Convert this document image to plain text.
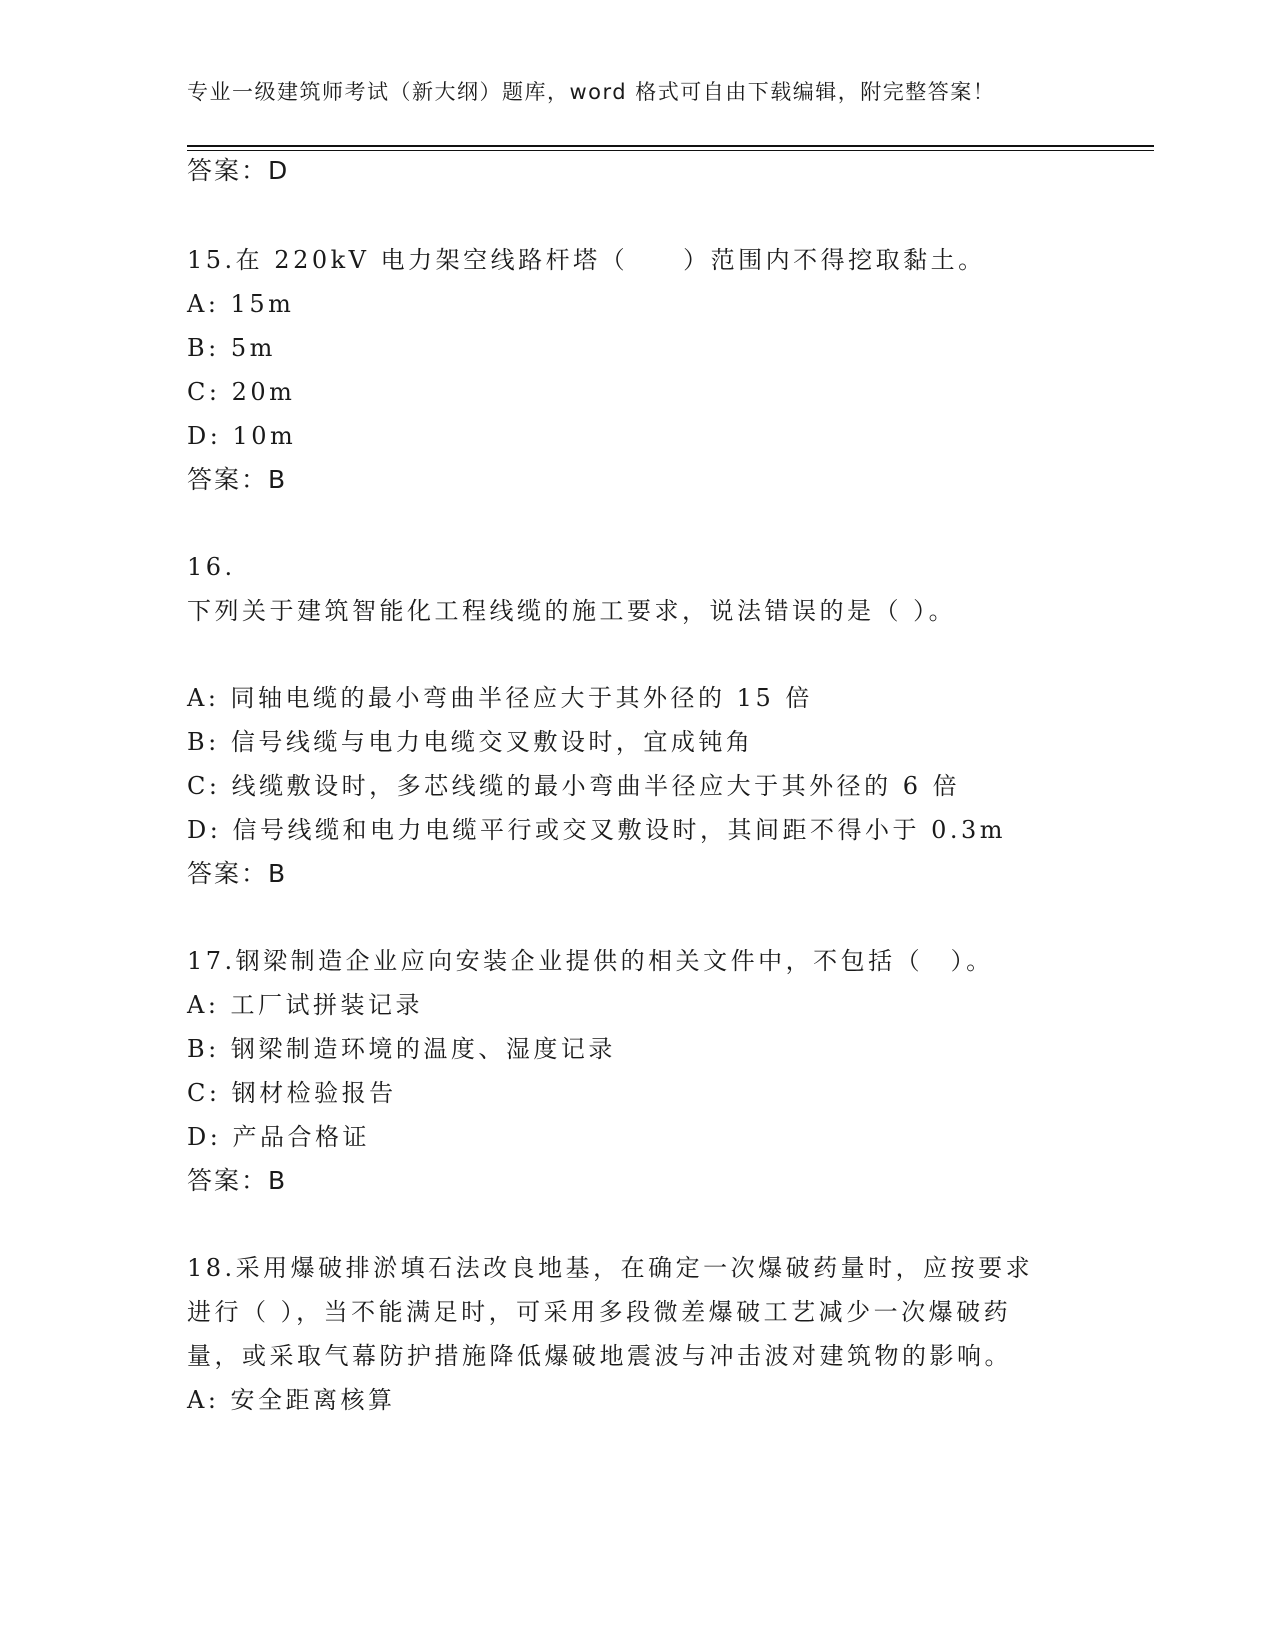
专业一级建筑师考试（新大纲）题库，word 格式可自由下载编辑，附完整答案！
答案：D
15.在 220kV 电力架空线路杆塔（　　）范围内不得挖取黏土。
A: 15m
B: 5m
C: 20m
D: 10m
答案：B
16.
下列关于建筑智能化工程线缆的施工要求，说法错误的是（ ）。
A: 同轴电缆的最小弯曲半径应大于其外径的 15 倍
B: 信号线缆与电力电缆交叉敷设时，宜成钝角
C: 线缆敷设时，多芯线缆的最小弯曲半径应大于其外径的 6 倍
D: 信号线缆和电力电缆平行或交叉敷设时，其间距不得小于 0.3m
答案：B
17.钢梁制造企业应向安装企业提供的相关文件中，不包括（　）。
A: 工厂试拼装记录
B: 钢梁制造环境的温度、湿度记录
C: 钢材检验报告
D: 产品合格证
答案：B
18.采用爆破排淤填石法改良地基，在确定一次爆破药量时，应按要求
进行（ ），当不能满足时，可采用多段微差爆破工艺减少一次爆破药
量，或采取气幕防护措施降低爆破地震波与冲击波对建筑物的影响。
A: 安全距离核算
